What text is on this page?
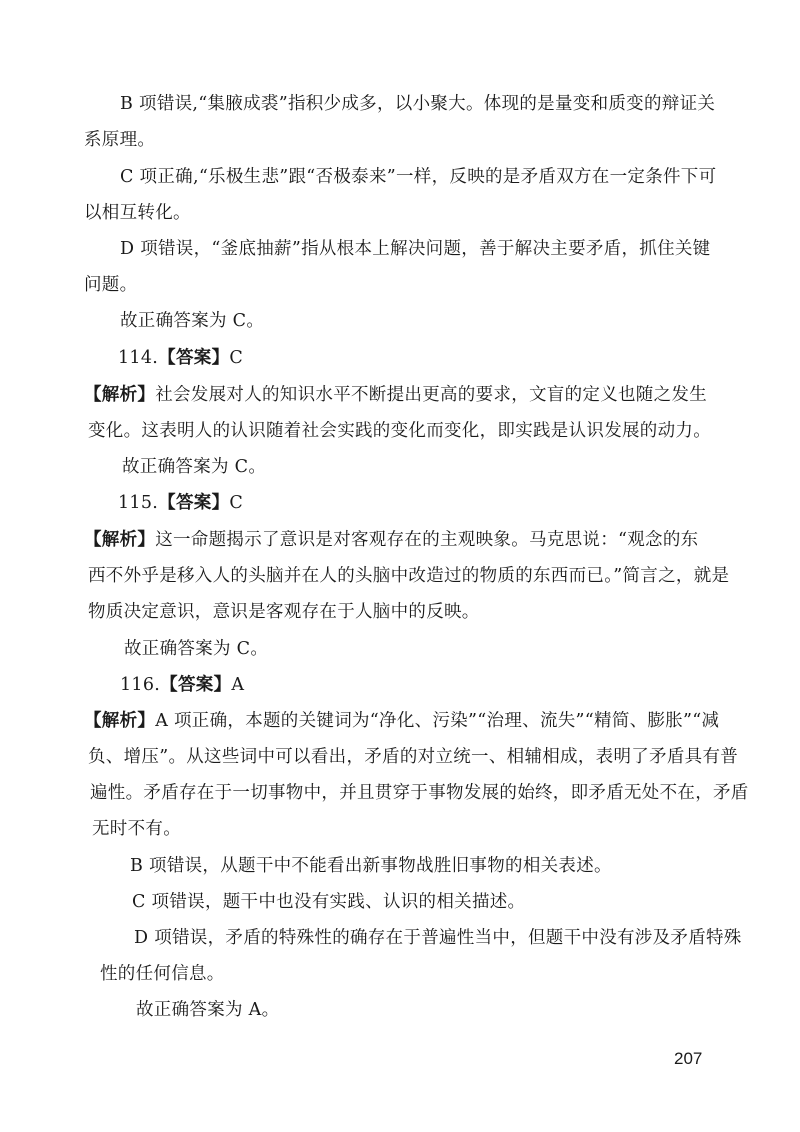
B 项错误,“集腋成裘”指积少成多，以小聚大。体现的是量变和质变的辩证关
系原理。
C 项正确,“乐极生悲”跟“否极泰来”一样，反映的是矛盾双方在一定条件下可
以相互转化。
D 项错误，“釜底抽薪”指从根本上解决问题，善于解决主要矛盾，抓住关键
问题。
故正确答案为 C。
114.【答案】C
【解析】社会发展对人的知识水平不断提出更高的要求，文盲的定义也随之发生
变化。这表明人的认识随着社会实践的变化而变化，即实践是认识发展的动力。
故正确答案为 C。
115.【答案】C
【解析】这一命题揭示了意识是对客观存在的主观映象。马克思说：“观念的东
西不外乎是移入人的头脑并在人的头脑中改造过的物质的东西而已。”简言之，就是
物质决定意识，意识是客观存在于人脑中的反映。
故正确答案为 C。
116.【答案】A
【解析】A 项正确，本题的关键词为“净化、污染”“治理、流失”“精简、膨胀”“减
负、增压”。从这些词中可以看出，矛盾的对立统一、相辅相成，表明了矛盾具有普
遍性。矛盾存在于一切事物中，并且贯穿于事物发展的始终，即矛盾无处不在，矛盾
无时不有。
B 项错误，从题干中不能看出新事物战胜旧事物的相关表述。
C 项错误，题干中也没有实践、认识的相关描述。
D 项错误，矛盾的特殊性的确存在于普遍性当中，但题干中没有涉及矛盾特殊
性的任何信息。
故正确答案为 A。
207
